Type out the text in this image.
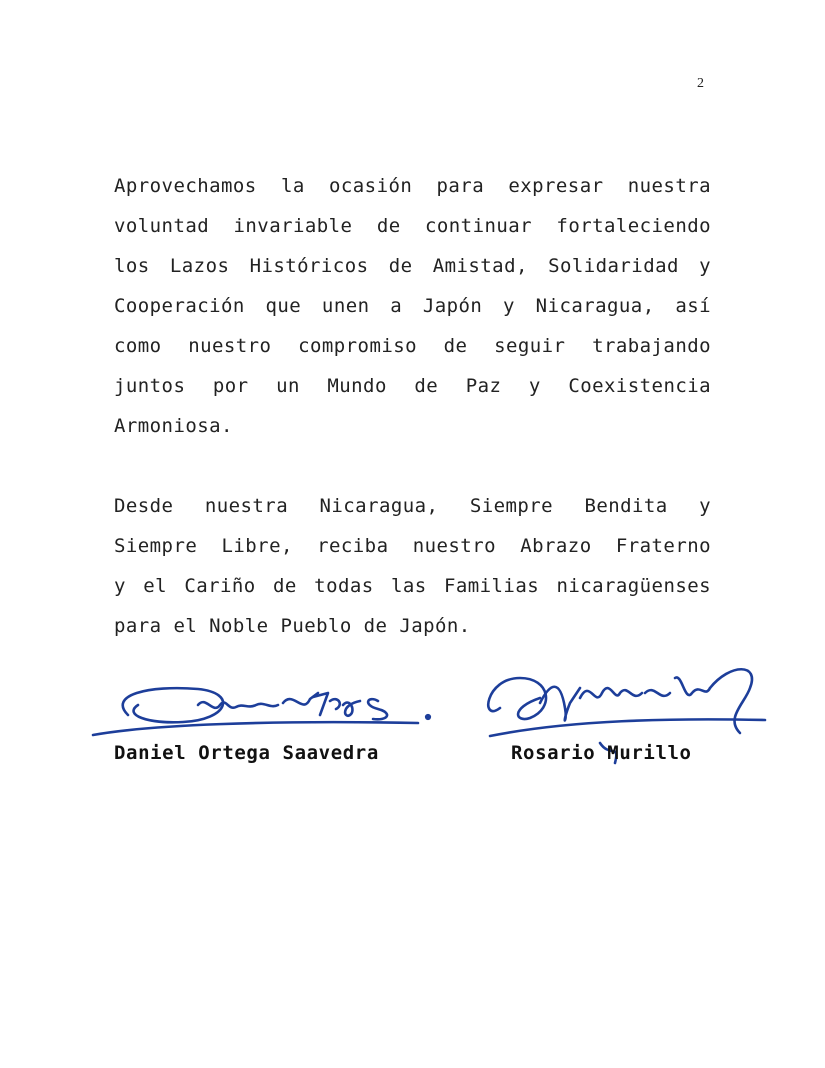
2
Aprovechamos la ocasión para expresar nuestra
voluntad invariable de continuar fortaleciendo
los Lazos Históricos de Amistad, Solidaridad y
Cooperación que unen a Japón y Nicaragua, así
como nuestro compromiso de seguir trabajando
juntos por un Mundo de Paz y Coexistencia
Armoniosa.
Desde nuestra Nicaragua, Siempre Bendita y
Siempre Libre, reciba nuestro Abrazo Fraterno
y el Cariño de todas las Familias nicaragüenses
para el Noble Pueblo de Japón.
Daniel Ortega Saavedra	Rosario Murillo
